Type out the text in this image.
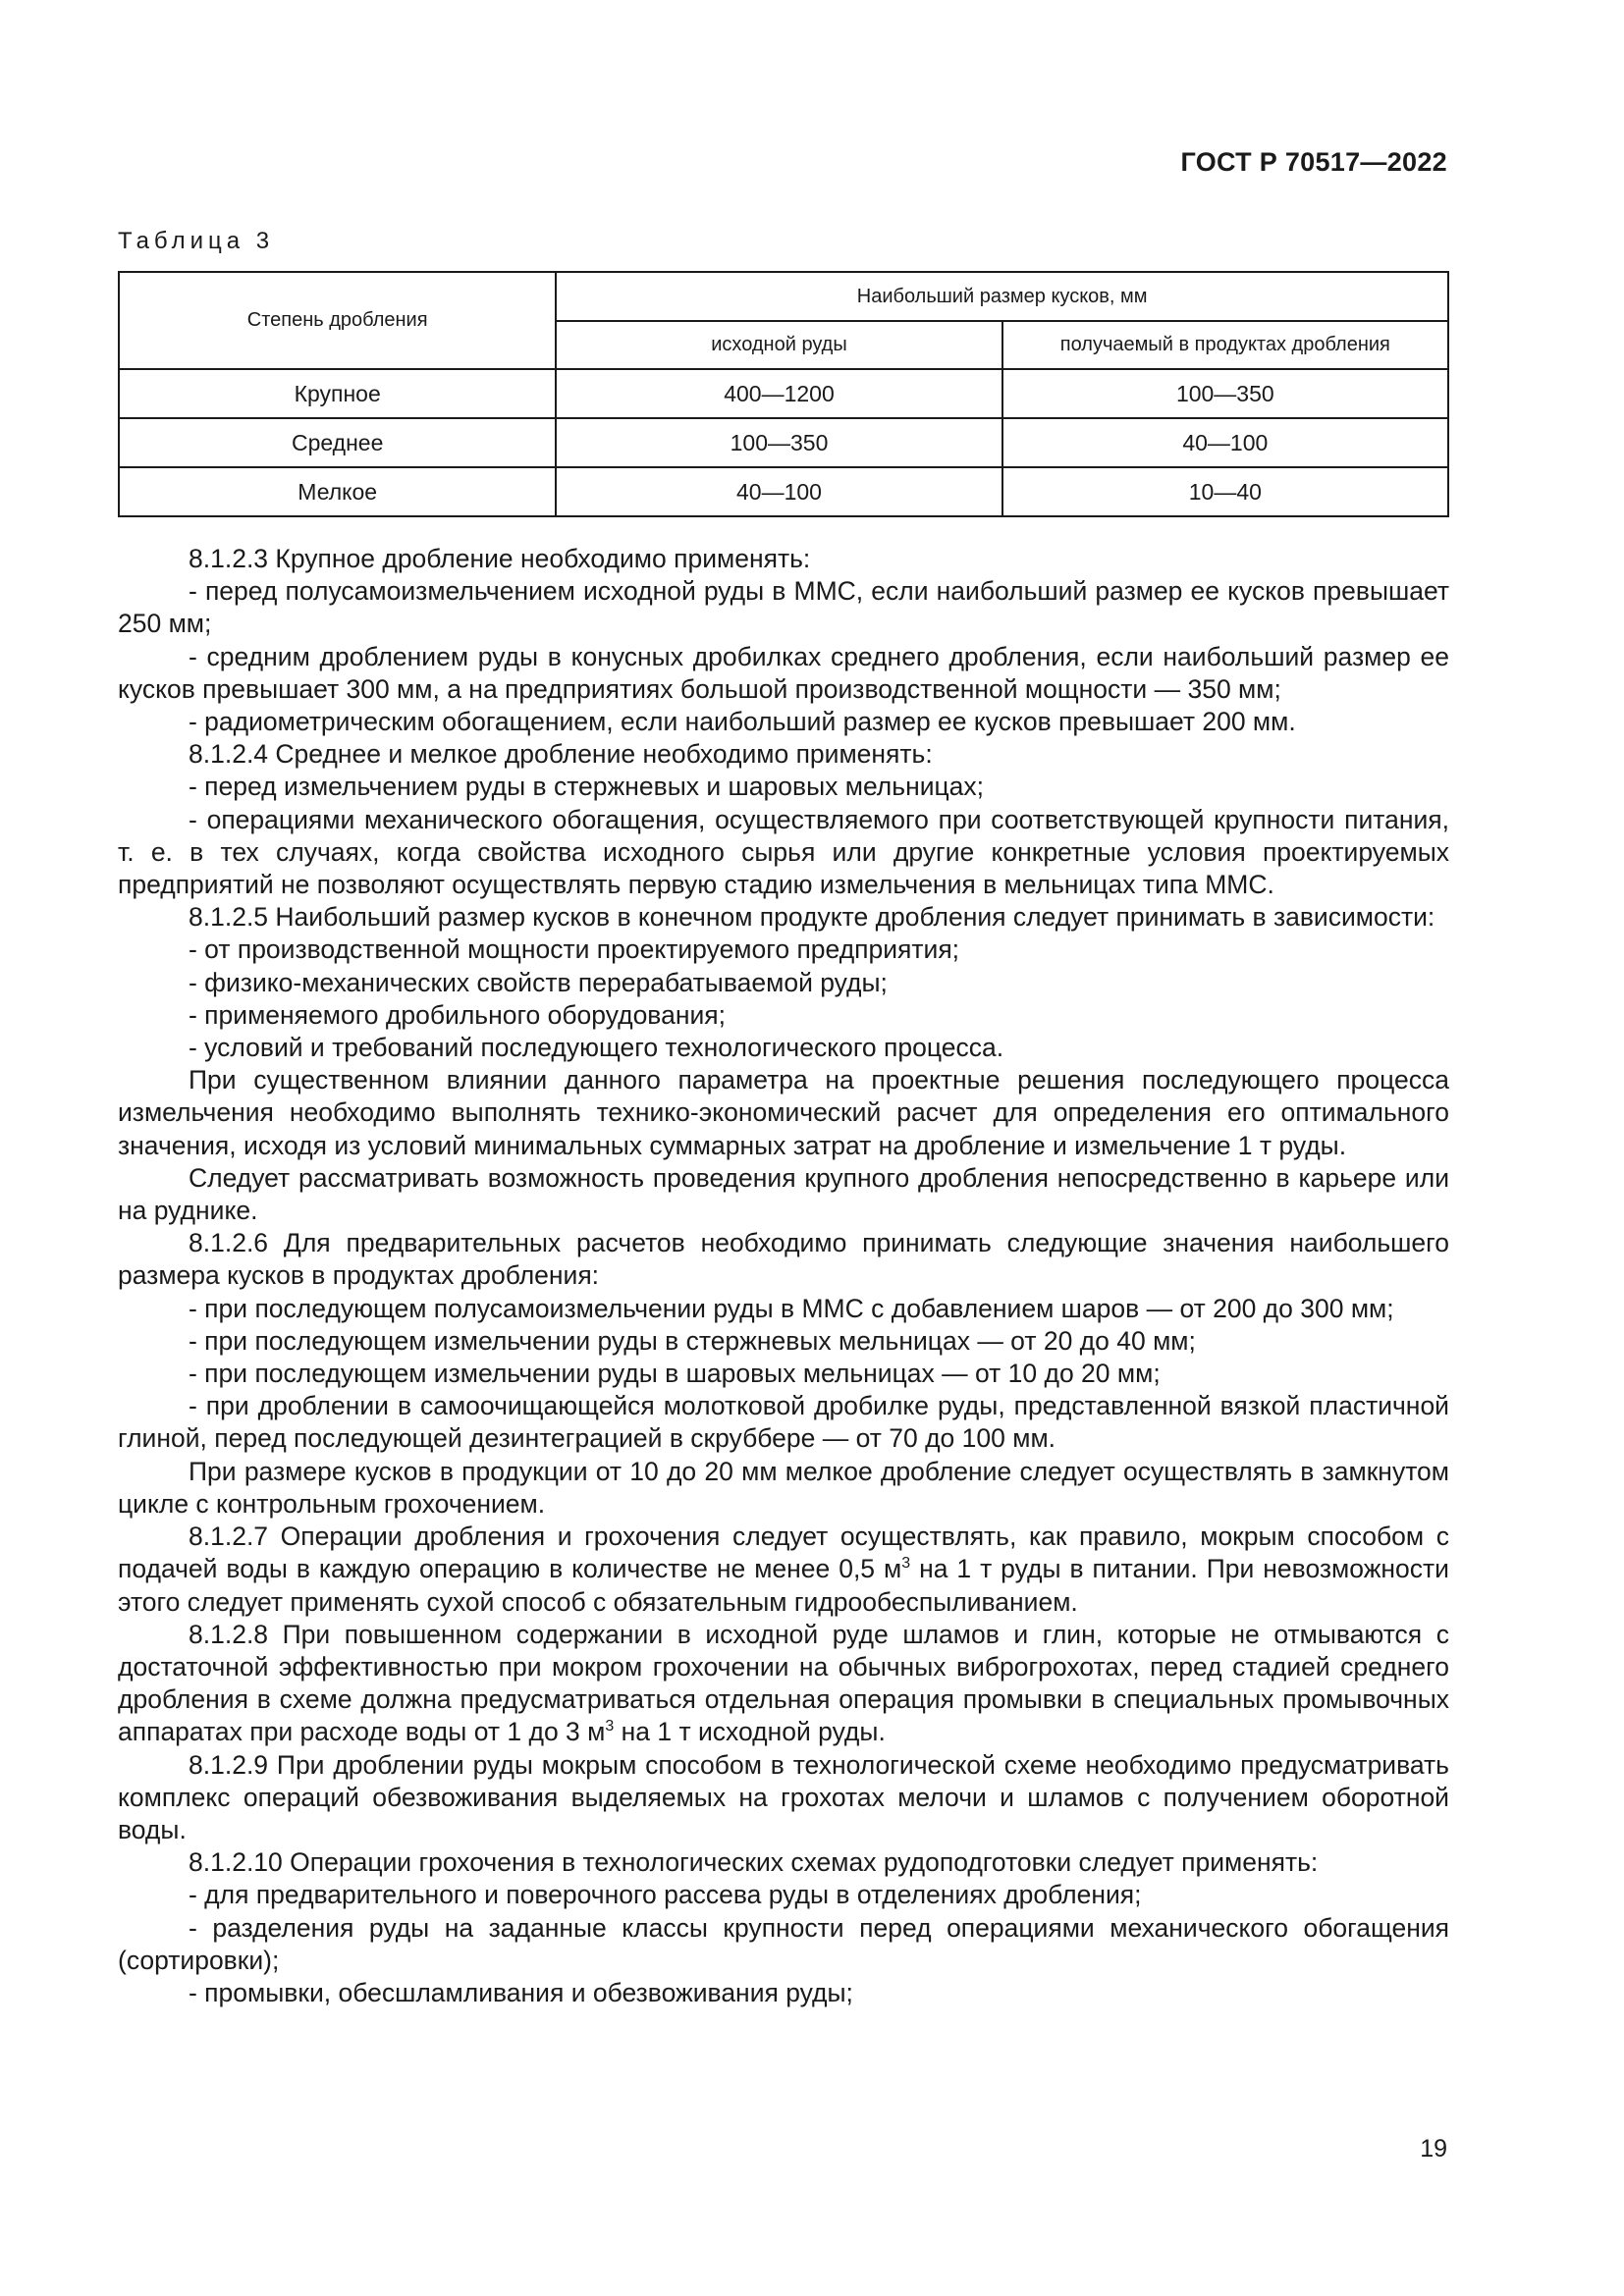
ГОСТ Р 70517—2022
Таблица 3
Степень дробления	Наибольший размер кусков, мм	
	исходной руды	получаемый в продуктах дробления
Крупное	400—1200	100—350
Среднее	100—350	40—100
Мелкое	40—100	10—40

8.1.2.3 Крупное дробление необходимо применять:

- перед полусамоизмельчением исходной руды в ММС, если наибольший размер ее кусков превышает 250 мм;

- средним дроблением руды в конусных дробилках среднего дробления, если наибольший размер ее кусков превышает 300 мм, а на предприятиях большой производственной мощности — 350 мм;

- радиометрическим обогащением, если наибольший размер ее кусков превышает 200 мм.

8.1.2.4 Среднее и мелкое дробление необходимо применять:

- перед измельчением руды в стержневых и шаровых мельницах;

- операциями механического обогащения, осуществляемого при соответствующей крупности питания, т. е. в тех случаях, когда свойства исходного сырья или другие конкретные условия проектируемых предприятий не позволяют осуществлять первую стадию измельчения в мельницах типа ММС.

8.1.2.5 Наибольший размер кусков в конечном продукте дробления следует принимать в зависимости:

- от производственной мощности проектируемого предприятия;

- физико-механических свойств перерабатываемой руды;

- применяемого дробильного оборудования;

- условий и требований последующего технологического процесса.

При существенном влиянии данного параметра на проектные решения последующего процесса измельчения необходимо выполнять технико-экономический расчет для определения его оптимального значения, исходя из условий минимальных суммарных затрат на дробление и измельчение 1 т руды.

Следует рассматривать возможность проведения крупного дробления непосредственно в карьере или на руднике.

8.1.2.6 Для предварительных расчетов необходимо принимать следующие значения наибольшего размера кусков в продуктах дробления:

- при последующем полусамоизмельчении руды в ММС с добавлением шаров — от 200 до 300 мм;

- при последующем измельчении руды в стержневых мельницах — от 20 до 40 мм;

- при последующем измельчении руды в шаровых мельницах — от 10 до 20 мм;

- при дроблении в самоочищающейся молотковой дробилке руды, представленной вязкой пластичной глиной, перед последующей дезинтеграцией в скруббере — от 70 до 100 мм.

При размере кусков в продукции от 10 до 20 мм мелкое дробление следует осуществлять в замкнутом цикле с контрольным грохочением.

8.1.2.7 Операции дробления и грохочения следует осуществлять, как правило, мокрым способом с подачей воды в каждую операцию в количестве не менее 0,5 $м^3$ на 1 т руды в питании. При невозможности этого следует применять сухой способ с обязательным гидрообеспыливанием.

8.1.2.8 При повышенном содержании в исходной руде шламов и глин, которые не отмываются с достаточной эффективностью при мокром грохочении на обычных виброгрохотах, перед стадией среднего дробления в схеме должна предусматриваться отдельная операция промывки в специальных промывочных аппаратах при расходе воды от 1 до 3 $м^3$ на 1 т исходной руды.

8.1.2.9 При дроблении руды мокрым способом в технологической схеме необходимо предусматривать комплекс операций обезвоживания выделяемых на грохотах мелочи и шламов с получением оборотной воды.

8.1.2.10 Операции грохочения в технологических схемах рудоподготовки следует применять:

- для предварительного и поверочного рассева руды в отделениях дробления;

- разделения руды на заданные классы крупности перед операциями механического обогащения (сортировки);

- промывки, обесшламливания и обезвоживания руды;

19
